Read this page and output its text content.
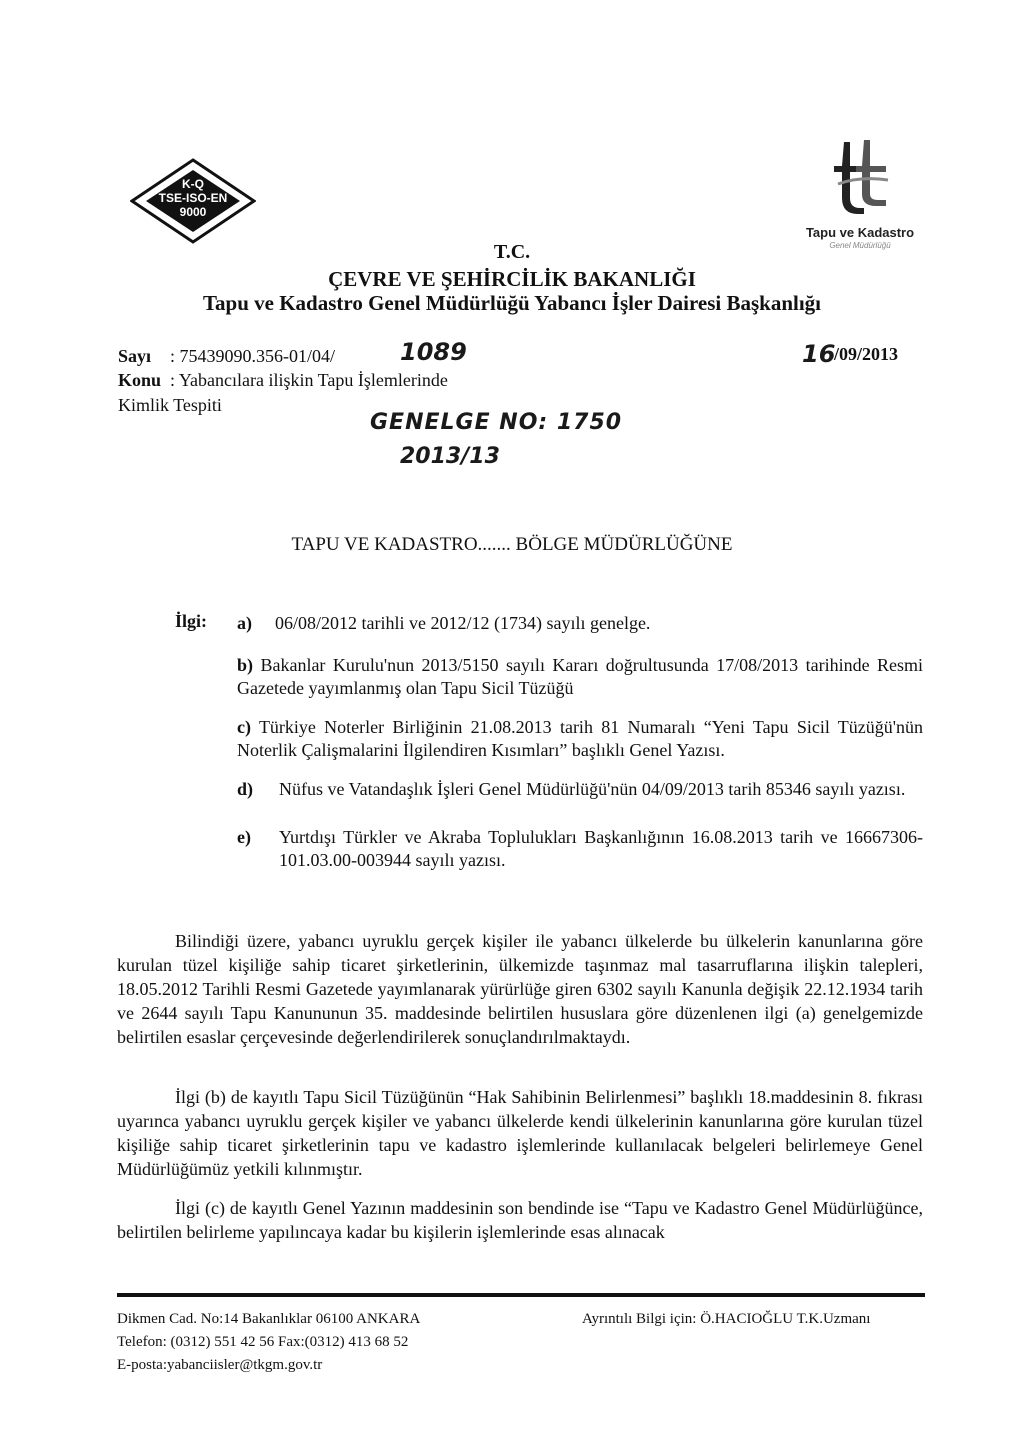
K-Q
TSE-ISO-EN
9000
Tapu ve Kadastro
Genel Müdürlüğü
T.C.
ÇEVRE VE ŞEHİRCİLİK BAKANLIĞI
Tapu ve Kadastro Genel Müdürlüğü Yabancı İşler Dairesi Başkanlığı
Sayı : 75439090.356-01/04/	1089	16
/09/2013
Konu : Yabancılara ilişkin Tapu İşlemlerinde
Kimlik Tespiti
GENELGE NO: 1750
2013/13
TAPU VE KADASTRO....... BÖLGE MÜDÜRLÜĞÜNE
İlgi: a) 06/08/2012 tarihli ve 2012/12 (1734) sayılı genelge.
b) Bakanlar Kurulu'nun 2013/5150 sayılı Kararı doğrultusunda 17/08/2013 tarihinde Resmi Gazetede yayımlanmış olan Tapu Sicil Tüzüğü
c) Türkiye Noterler Birliğinin 21.08.2013 tarih 81 Numaralı “Yeni Tapu Sicil Tüzüğü'nün Noterlik Çalişmalarini İlgilendiren Kısımları” başlıklı Genel Yazısı.
d) Nüfus ve Vatandaşlık İşleri Genel Müdürlüğü'nün 04/09/2013 tarih 85346 sayılı yazısı.
e) Yurtdışı Türkler ve Akraba Toplulukları Başkanlığının 16.08.2013 tarih ve 16667306- 101.03.00-003944 sayılı yazısı.
Bilindiği üzere, yabancı uyruklu gerçek kişiler ile yabancı ülkelerde bu ülkelerin kanunlarına göre kurulan tüzel kişiliğe sahip ticaret şirketlerinin, ülkemizde taşınmaz mal tasarruflarına ilişkin talepleri, 18.05.2012 Tarihli Resmi Gazetede yayımlanarak yürürlüğe giren 6302 sayılı Kanunla değişik 22.12.1934 tarih ve 2644 sayılı Tapu Kanununun 35. maddesinde belirtilen hususlara göre düzenlenen ilgi (a) genelgemizde belirtilen esaslar çerçevesinde değerlendirilerek sonuçlandırılmaktaydı.
İlgi (b) de kayıtlı Tapu Sicil Tüzüğünün “Hak Sahibinin Belirlenmesi” başlıklı 18.maddesinin 8. fıkrası uyarınca yabancı uyruklu gerçek kişiler ve yabancı ülkelerde kendi ülkelerinin kanunlarına göre kurulan tüzel kişiliğe sahip ticaret şirketlerinin tapu ve kadastro işlemlerinde kullanılacak belgeleri belirlemeye Genel Müdürlüğümüz yetkili kılınmıştır.
İlgi (c) de kayıtlı Genel Yazının maddesinin son bendinde ise “Tapu ve Kadastro Genel Müdürlüğünce, belirtilen belirleme yapılıncaya kadar bu kişilerin işlemlerinde esas alınacak
Dikmen Cad. No:14 Bakanlıklar 06100 ANKARA
Telefon: (0312) 551 42 56 Fax:(0312) 413 68 52
E-posta:yabanciisler@tkgm.gov.tr
Ayrıntılı Bilgi için: Ö.HACIOĞLU T.K.Uzmanı
